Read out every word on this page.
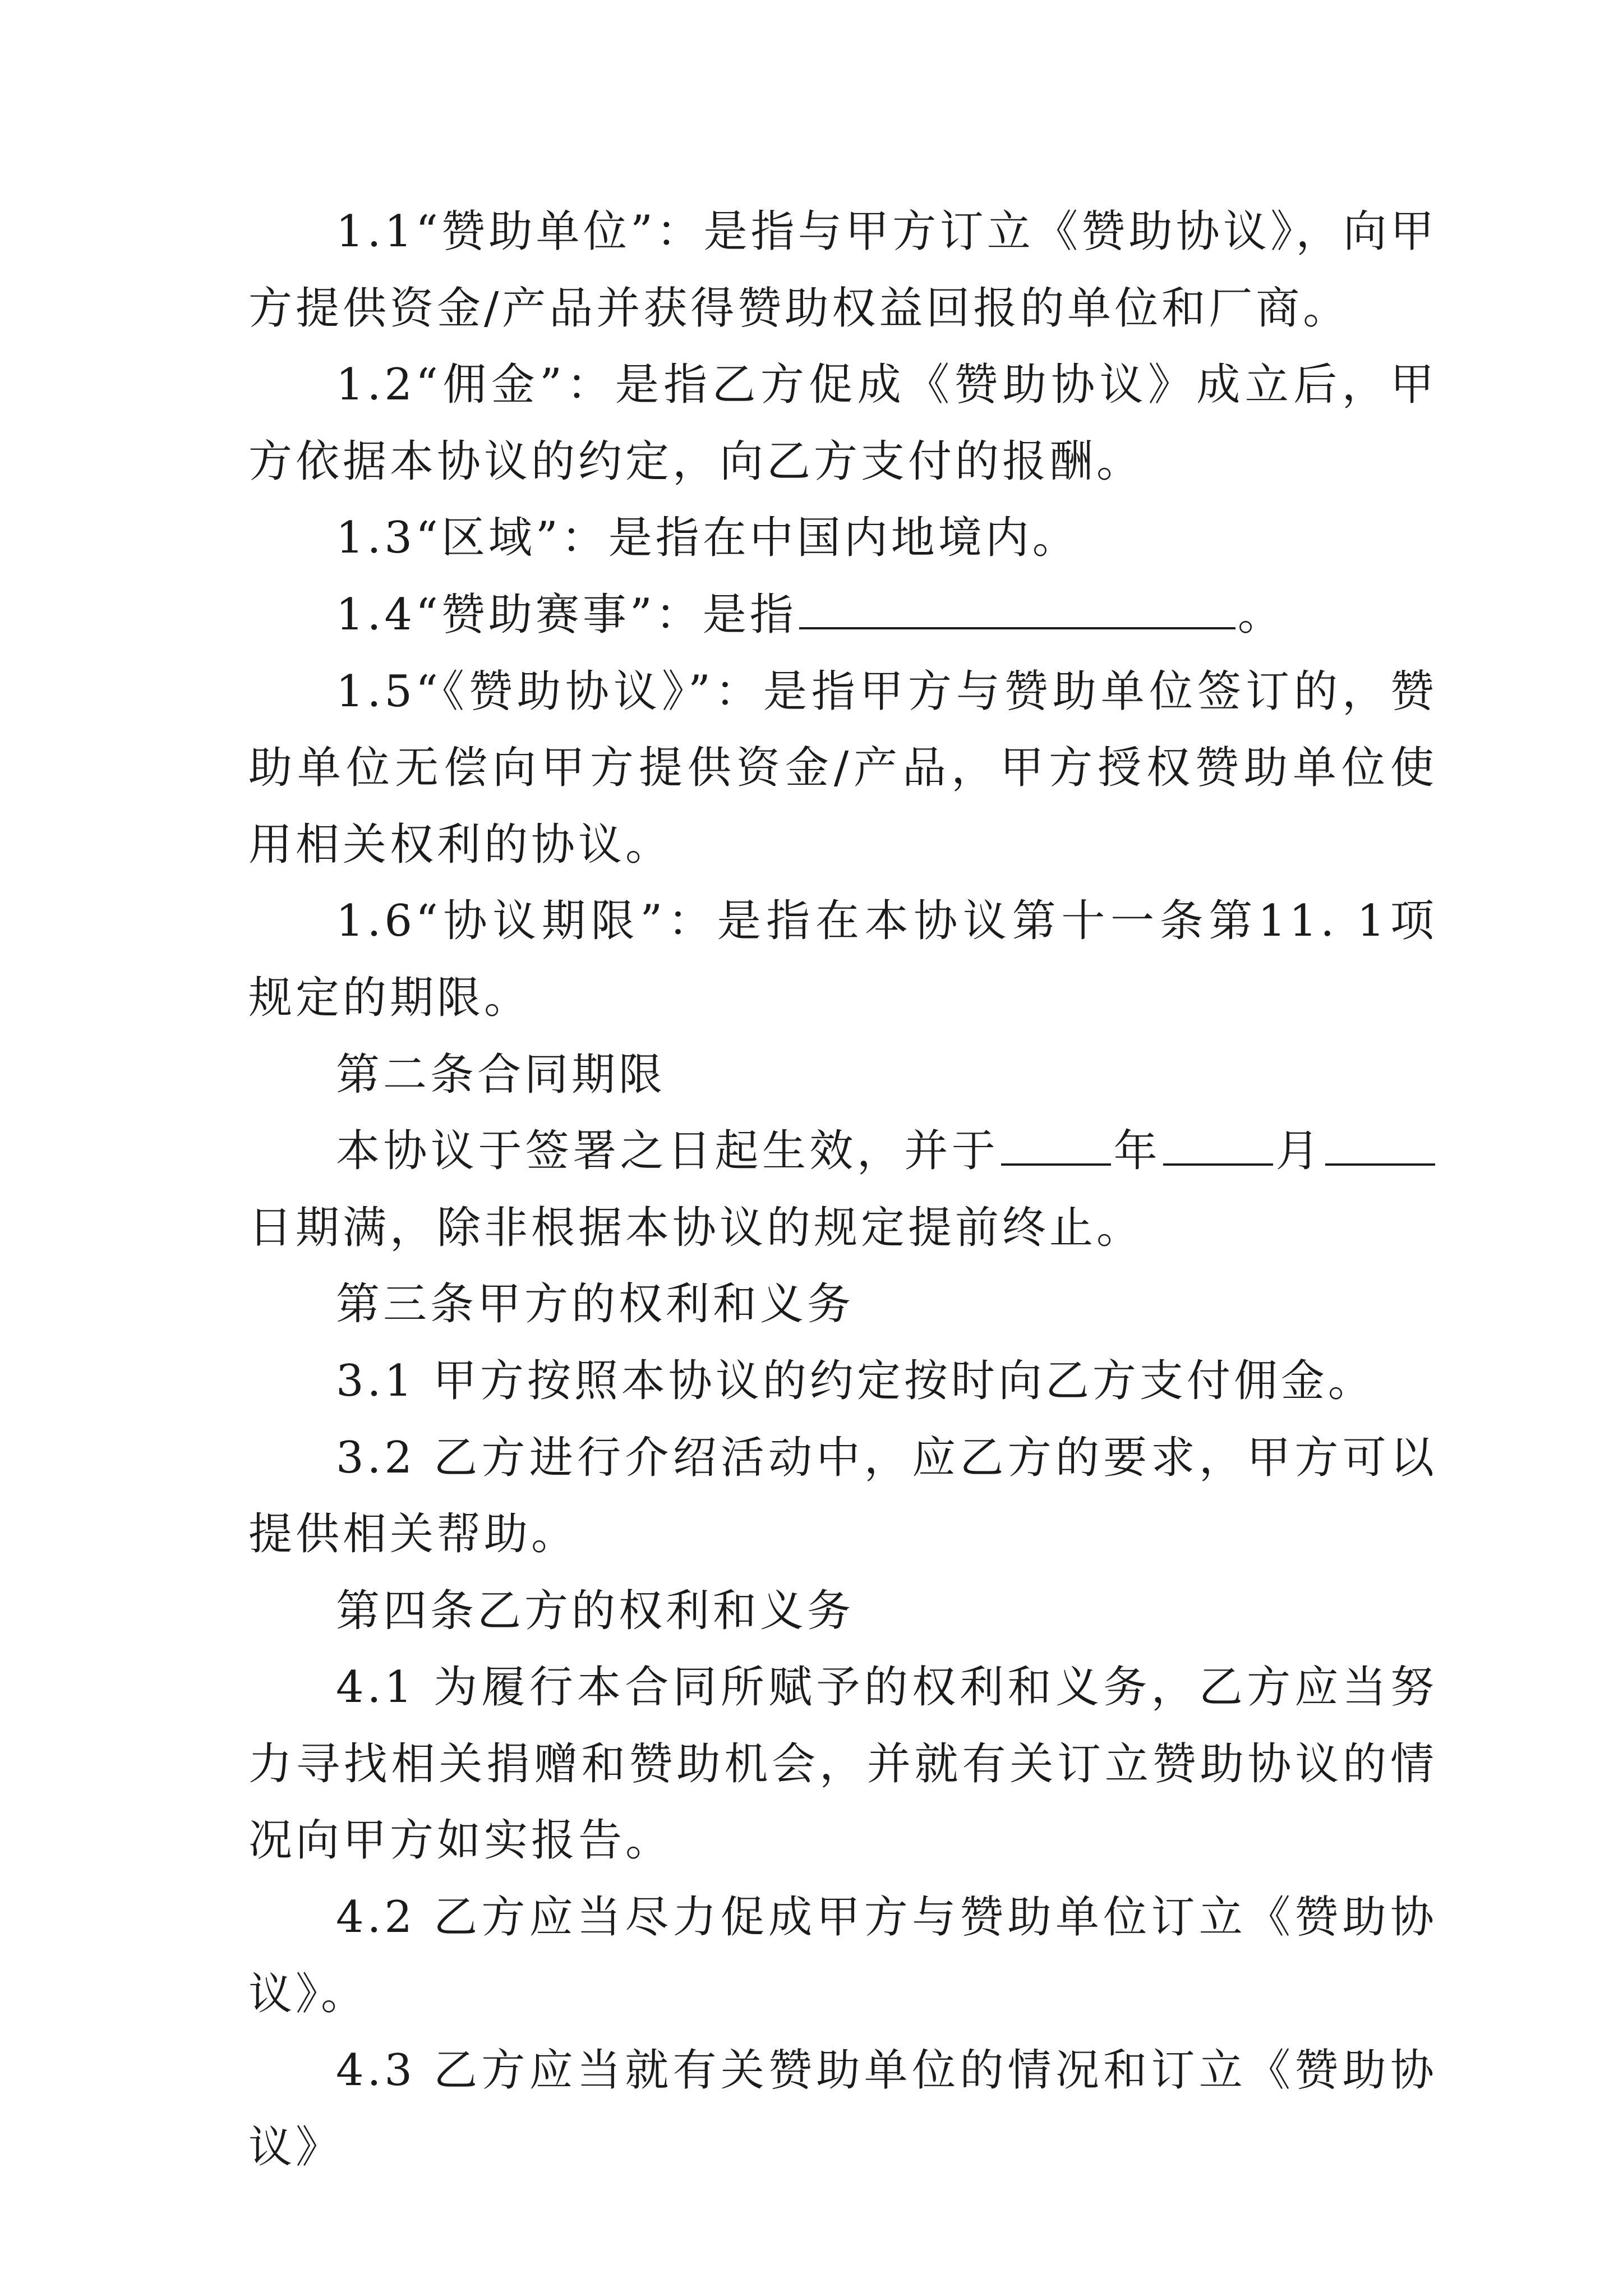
1.1“赞助单位”：是指与甲方订立《赞助协议》，向甲方提供资金/产品并获得赞助权益回报的单位和厂商。

1.2“佣金”：是指乙方促成《赞助协议》成立后，甲方依据本协议的约定，向乙方支付的报酬。

1.3“区域”：是指在中国内地境内。

1.4“赞助赛事”：是指	。

1.5“《赞助协议》”：是指甲方与赞助单位签订的，赞助单位无偿向甲方提供资金/产品，甲方授权赞助单位使用相关权利的协议。

1.6“协议期限”：是指在本协议第十一条第11. 1项规定的期限。

第二条合同期限

本协议于签署之日起生效，并于	年	月日期满，除非根据本协议的规定提前终止。

第三条甲方的权利和义务

3.1 甲方按照本协议的约定按时向乙方支付佣金。

3.2 乙方进行介绍活动中，应乙方的要求，甲方可以提供相关帮助。

第四条乙方的权利和义务

4.1 为履行本合同所赋予的权利和义务，乙方应当努力寻找相关捐赠和赞助机会，并就有关订立赞助协议的情况向甲方如实报告。

4.2 乙方应当尽力促成甲方与赞助单位订立《赞助协议》。

4.3 乙方应当就有关赞助单位的情况和订立《赞助协议》
